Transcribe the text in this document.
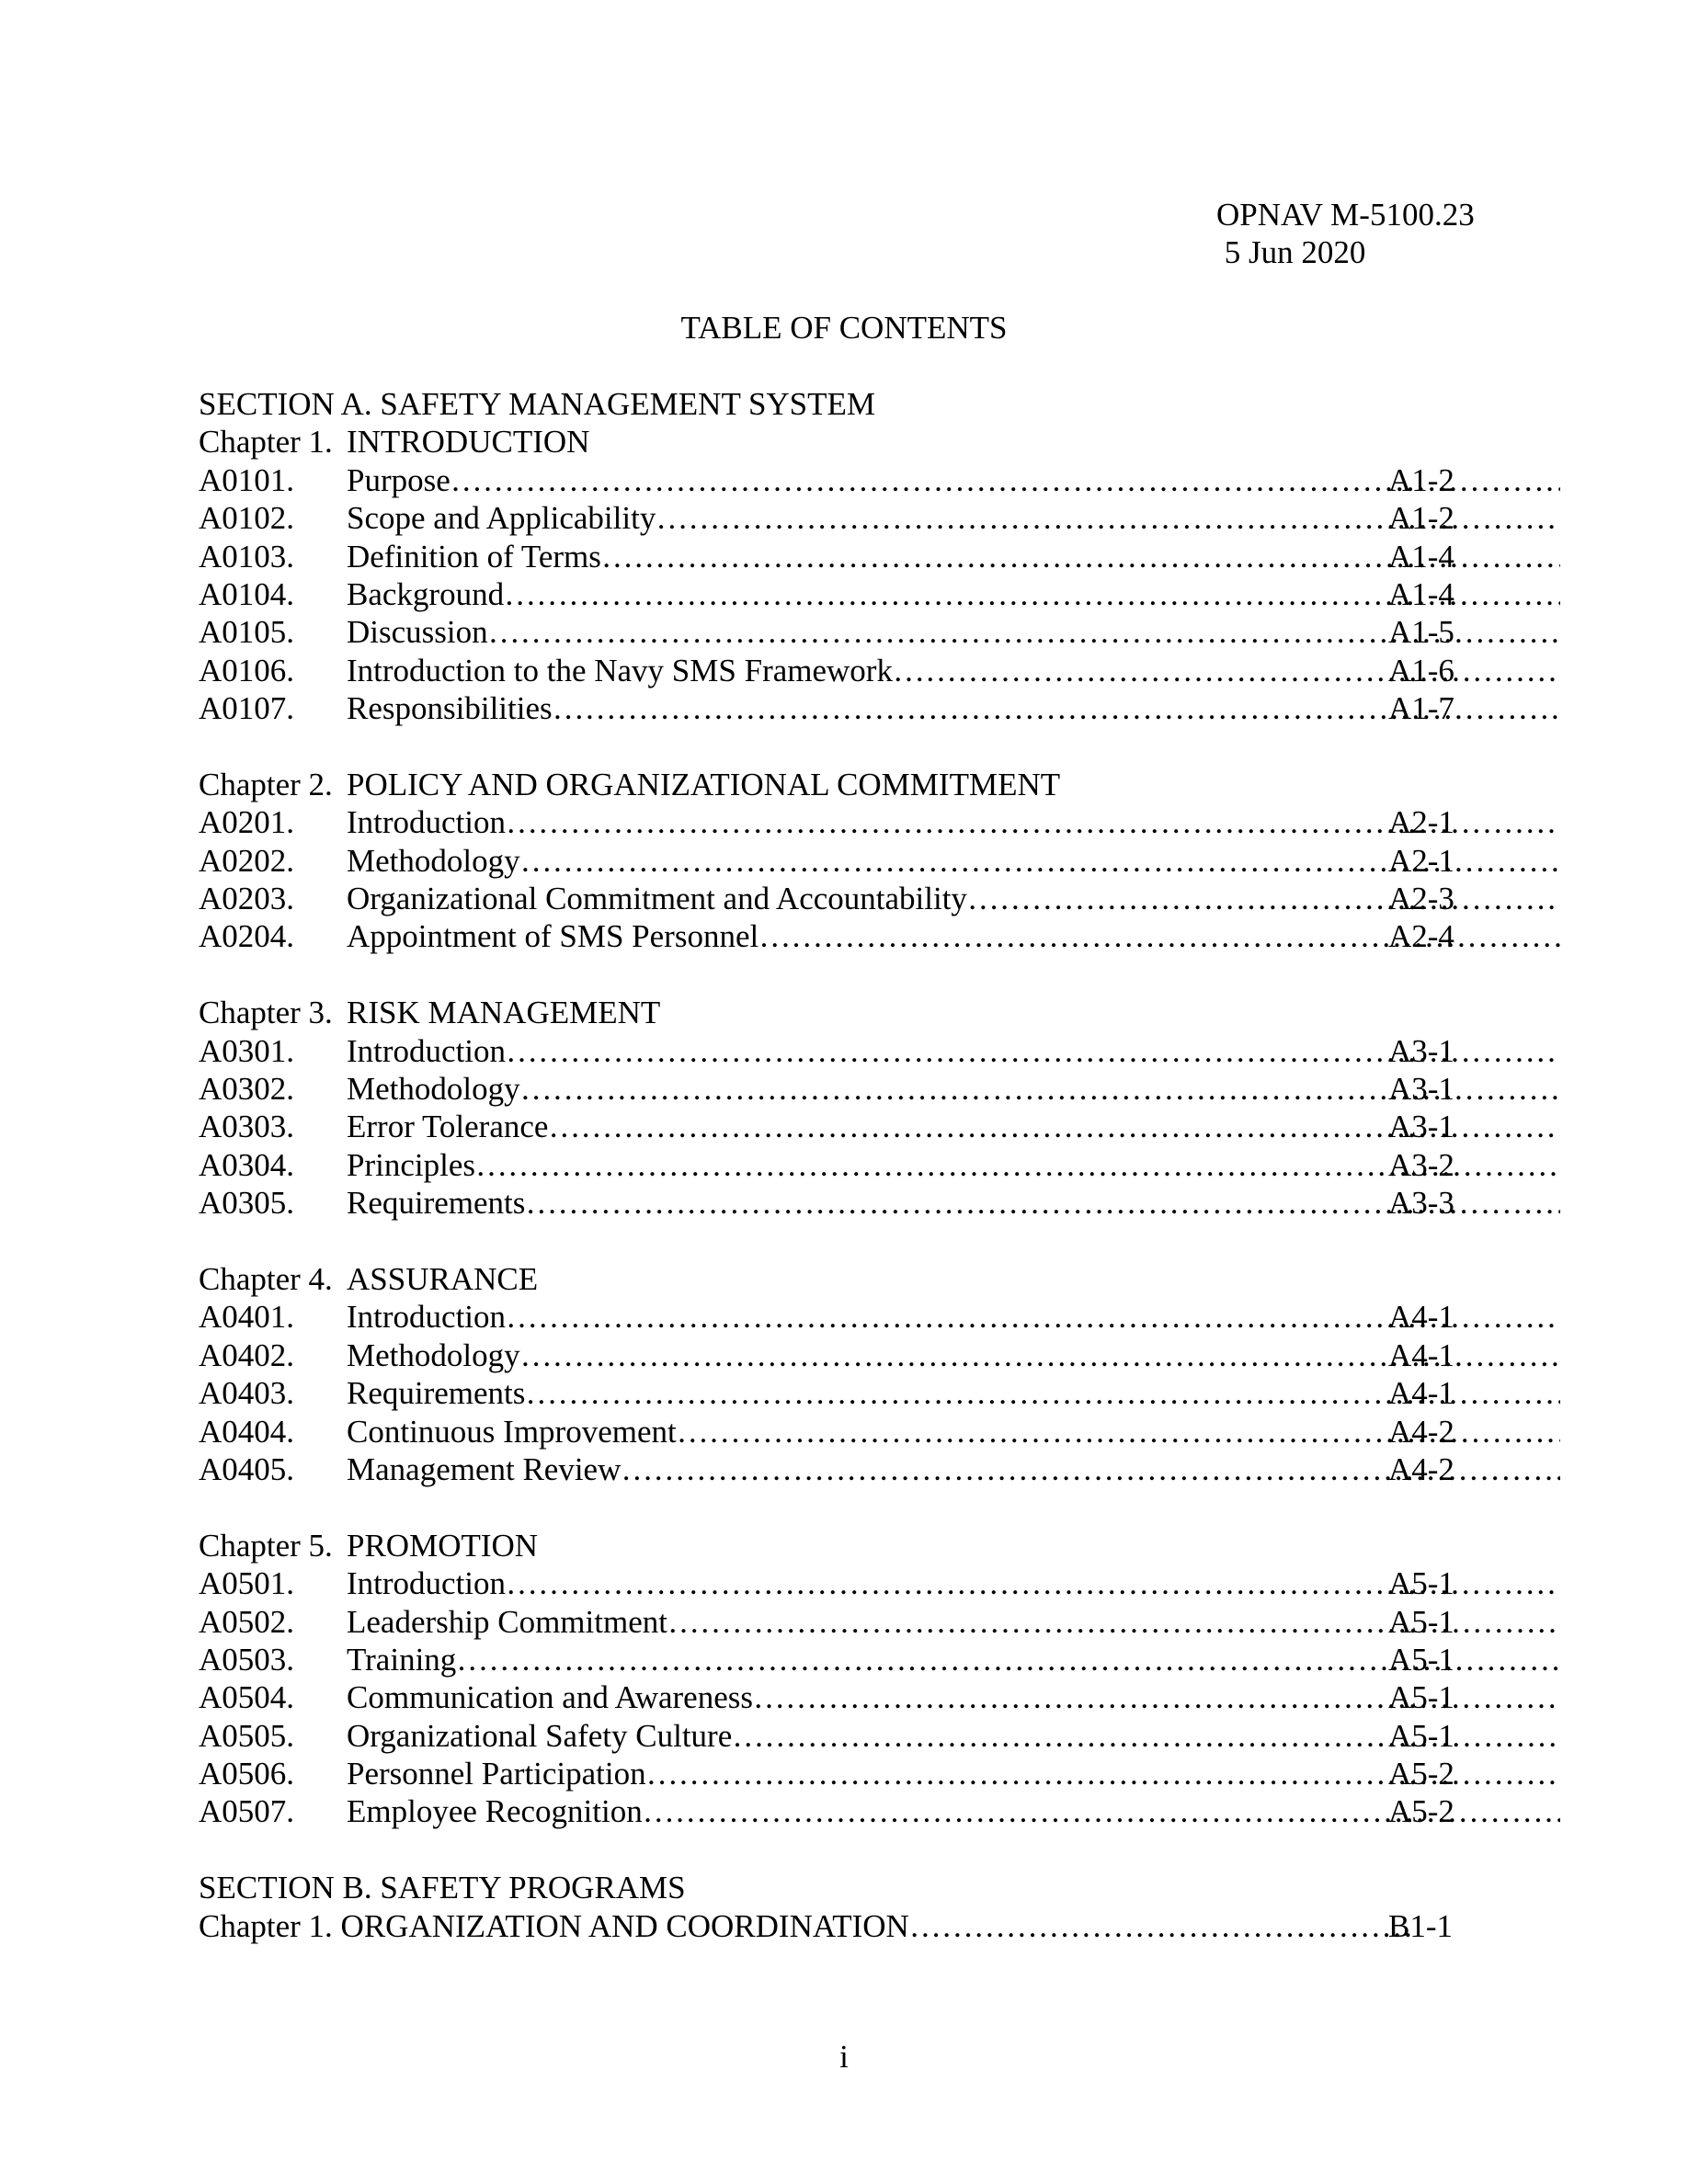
OPNAV M-5100.23
5 Jun 2020
TABLE OF CONTENTS
SECTION A. SAFETY MANAGEMENT SYSTEM
Chapter 1. INTRODUCTION
A0101. Purpose ……………………………………………………………………………………………………………………………………………………………………………………………………………………	A1-2
A0102. Scope and Applicability ……………………………………………………………………………………………………………………………………………………………………………………………………………………	A1-2
A0103. Definition of Terms ……………………………………………………………………………………………………………………………………………………………………………………………………………………	A1-4
A0104. Background ……………………………………………………………………………………………………………………………………………………………………………………………………………………	A1-4
A0105. Discussion ……………………………………………………………………………………………………………………………………………………………………………………………………………………	A1-5
A0106. Introduction to the Navy SMS Framework ……………………………………………………………………………………………………………………………………………………………………………………………………………………	A1-6
A0107. Responsibilities ……………………………………………………………………………………………………………………………………………………………………………………………………………………	A1-7
Chapter 2. POLICY AND ORGANIZATIONAL COMMITMENT
A0201. Introduction ……………………………………………………………………………………………………………………………………………………………………………………………………………………	A2-1
A0202. Methodology ……………………………………………………………………………………………………………………………………………………………………………………………………………………	A2-1
A0203. Organizational Commitment and Accountability ……………………………………………………………………………………………………………………………………………………………………………………………………………………	A2-3
A0204. Appointment of SMS Personnel ……………………………………………………………………………………………………………………………………………………………………………………………………………………	A2-4
Chapter 3. RISK MANAGEMENT
A0301. Introduction ……………………………………………………………………………………………………………………………………………………………………………………………………………………	A3-1
A0302. Methodology ……………………………………………………………………………………………………………………………………………………………………………………………………………………	A3-1
A0303. Error Tolerance ……………………………………………………………………………………………………………………………………………………………………………………………………………………	A3-1
A0304. Principles ……………………………………………………………………………………………………………………………………………………………………………………………………………………	A3-2
A0305. Requirements ……………………………………………………………………………………………………………………………………………………………………………………………………………………	A3-3
Chapter 4. ASSURANCE
A0401. Introduction ……………………………………………………………………………………………………………………………………………………………………………………………………………………	A4-1
A0402. Methodology ……………………………………………………………………………………………………………………………………………………………………………………………………………………	A4-1
A0403. Requirements ……………………………………………………………………………………………………………………………………………………………………………………………………………………	A4-1
A0404. Continuous Improvement ……………………………………………………………………………………………………………………………………………………………………………………………………………………	A4-2
A0405. Management Review ……………………………………………………………………………………………………………………………………………………………………………………………………………………	A4-2
Chapter 5. PROMOTION
A0501. Introduction ……………………………………………………………………………………………………………………………………………………………………………………………………………………	A5-1
A0502. Leadership Commitment ……………………………………………………………………………………………………………………………………………………………………………………………………………………	A5-1
A0503. Training ……………………………………………………………………………………………………………………………………………………………………………………………………………………	A5-1
A0504. Communication and Awareness ……………………………………………………………………………………………………………………………………………………………………………………………………………………	A5-1
A0505. Organizational Safety Culture ……………………………………………………………………………………………………………………………………………………………………………………………………………………	A5-1
A0506. Personnel Participation ……………………………………………………………………………………………………………………………………………………………………………………………………………………	A5-2
A0507. Employee Recognition ……………………………………………………………………………………………………………………………………………………………………………………………………………………	A5-2
SECTION B. SAFETY PROGRAMS
Chapter 1. ORGANIZATION AND COORDINATION ……………………………………………………………………………………………………………………………………………………………………………………………………………………	B1-1
i
